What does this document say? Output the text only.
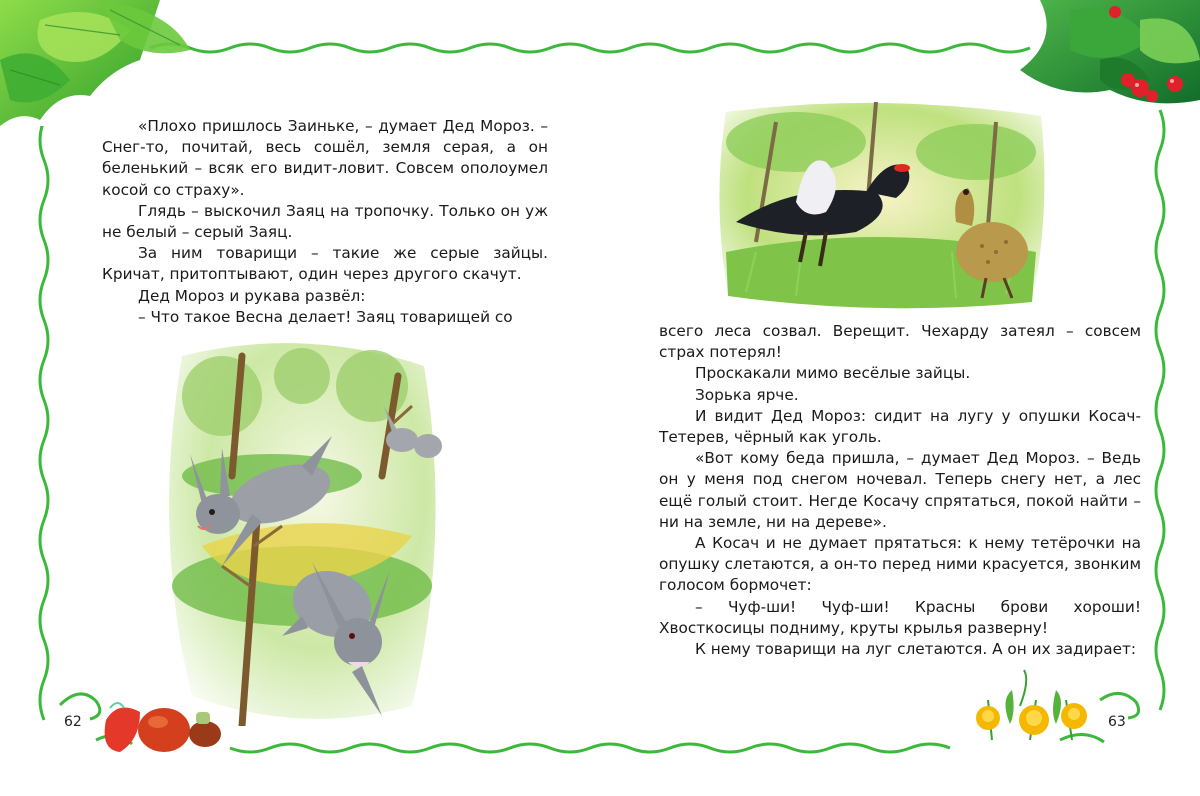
«Плохо пришлось Заиньке, – думает Дед Мороз. – Снег-то, почитай, весь сошёл, земля серая, а он беленький – всяк его видит-ловит. Совсем ополоумел косой со страху».

Глядь – выскочил Заяц на тропочку. Только он уж не белый – серый Заяц.

За ним товарищи – такие же серые зайцы. Кричат, притоптывают, один через другого скачут.

Дед Мороз и рукава развёл:

– Что такое Весна делает! Заяц товарищей со

всего леса созвал. Верещит. Чехарду затеял – совсем страх потерял!

Проскакали мимо весёлые зайцы.

Зорька ярче.

И видит Дед Мороз: сидит на лугу у опушки Косач-Тетерев, чёрный как уголь.

«Вот кому беда пришла, – думает Дед Мороз. – Ведь он у меня под снегом ночевал. Теперь снегу нет, а лес ещё голый стоит. Негде Косачу спрятаться, покой найти – ни на земле, ни на дереве».

А Косач и не думает прятаться: к нему тетёрочки на опушку слетаются, а он-то перед ними красуется, звонким голосом бормочет:

– Чуф-ши! Чуф-ши! Красны брови хороши! Хвосткосицы подниму, круты крылья разверну!

К нему товарищи на луг слетаются. А он их задирает:

62	63
